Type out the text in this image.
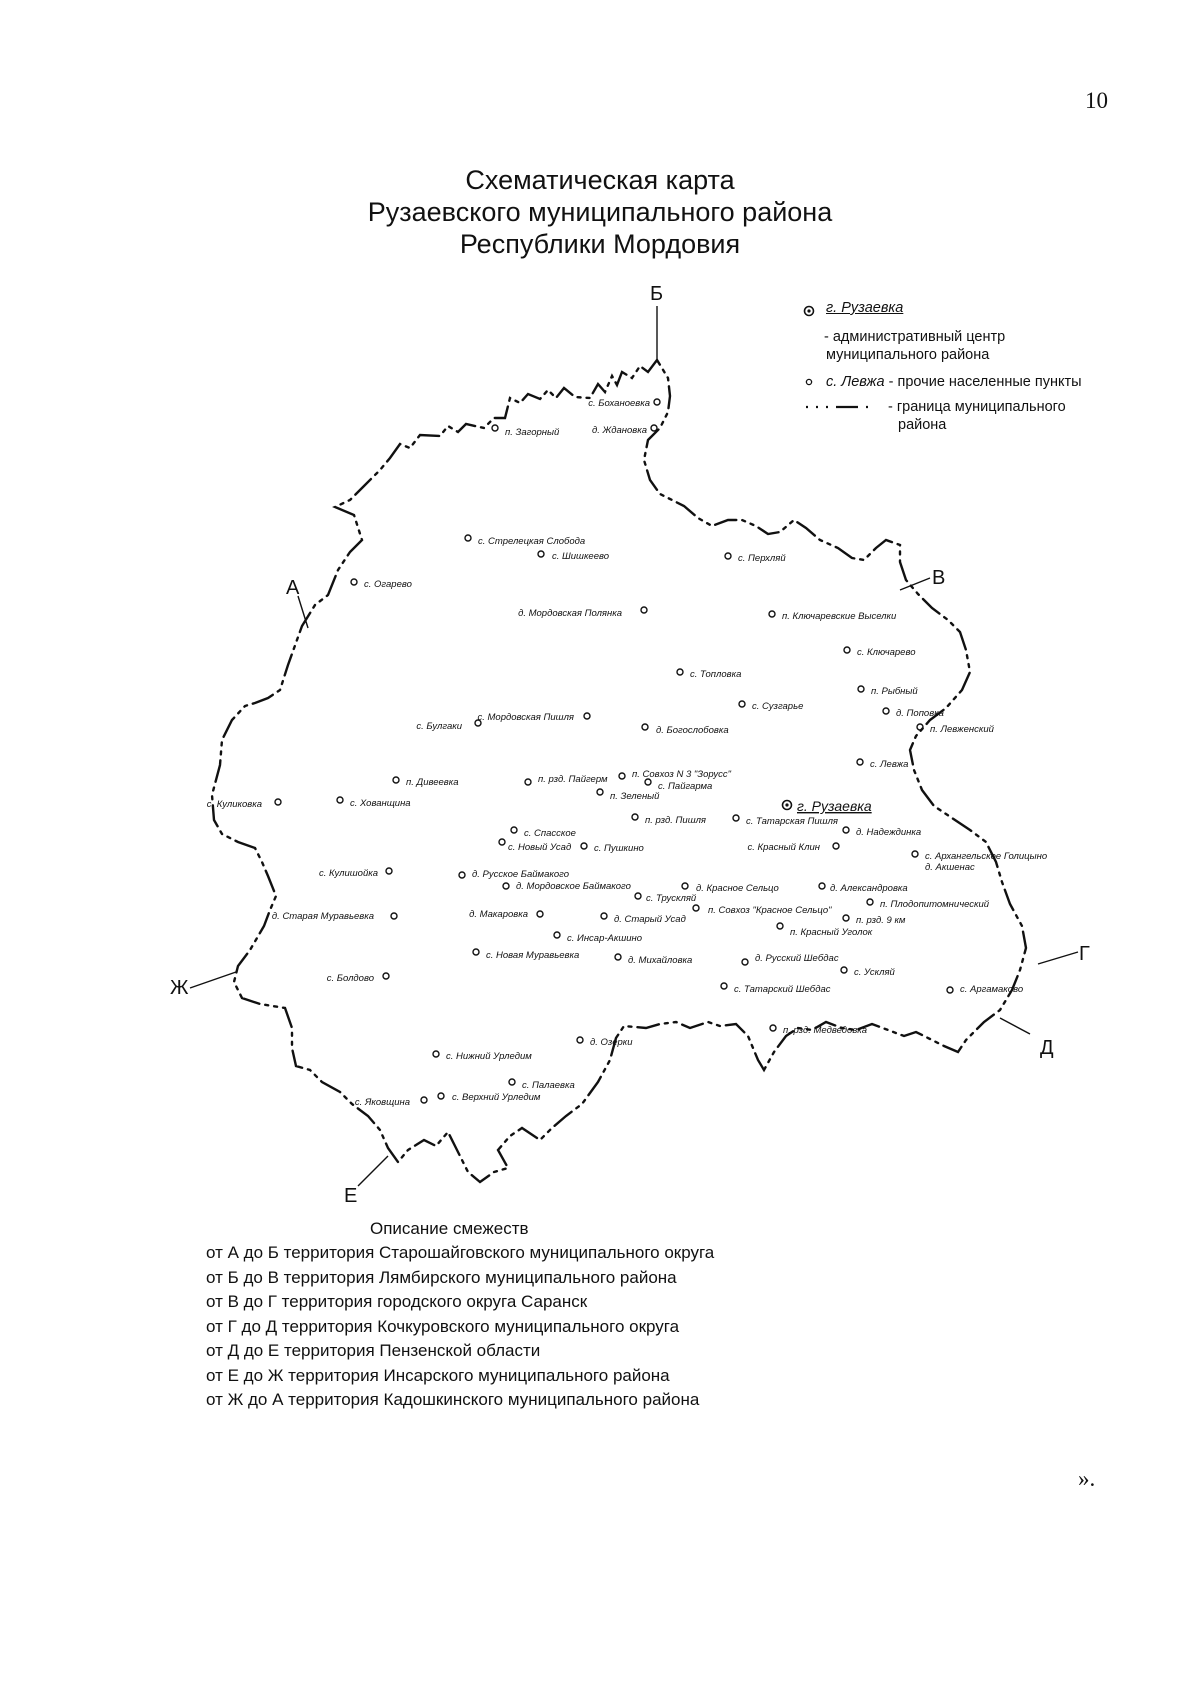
10
Схематическая карта
Рузаевского муниципального района
Республики Мордовия
Б
В
А
Г
Д
Ж
Е
с. Боханоевка
п. Загорный	д. Ждановка
с. Стрелецкая Слобода
с. Шишкеево	с. Перхляй
с. Огарево
д. Мордовская Полянка	п. Ключаревские Выселки
с. Ключарево
с. Топловка
п. Рыбный
с. Сузгарье
д. Поповка
с. Мордовская Пишля
с. Булгаки	д. Богослобовка	п. Левженский
с. Левжа
п. Совхоз N 3 "Зорусс"
п. Дивеевка	п. рзд. Пайгерм
с. Пайгарма
п. Зеленый
с. Куликовка	с. Хованщина	г. Рузаевка
п. рзд. Пишля	с. Татарская Пишля
с. Спасское	д. Надеждинка
с. Новый Усад с. Пушкино	с. Красный Клин
с. Архангельское Голицыно
д. Акшенас
с. Кулишойка	д. Русское Баймакого
д. Мордовское Баймакого	д. Красное Сельцо	д. Александровка
с. Трускляй
п. Плодопитомнический
п. Совхоз "Красное Сельцо"
д. Старая Муравьевка	д. Макаровка	д. Старый Усад	п. рзд. 9 км
п. Красный Уголок
с. Инсар-Акшино
с. Новая Муравьевка	д. Михайловка	д. Русский Шебдас
с. Ускляй
с. Болдово
с. Татарский Шебдас	с. Аргамаково
п. рзд. Медведовка
д. Озерки
с. Нижний Урледим
с. Палаевка
с. Верхний Урледим
с. Яковщина
г. Рузаевка
- административный центр
муниципального района
с. Левжа - прочие населенные пункты
- граница муниципального
района
Описание смежеств
от А до Б территория Старошайговского муниципального округа
от Б до В территория Лямбирского муниципального района
от В до Г территория городского округа Саранск
от Г до Д территория Кочкуровского муниципального округа
от Д до Е территория Пензенской области
от Е до Ж территория Инсарского муниципального района
от Ж до А территория Кадошкинского муниципального района
».
